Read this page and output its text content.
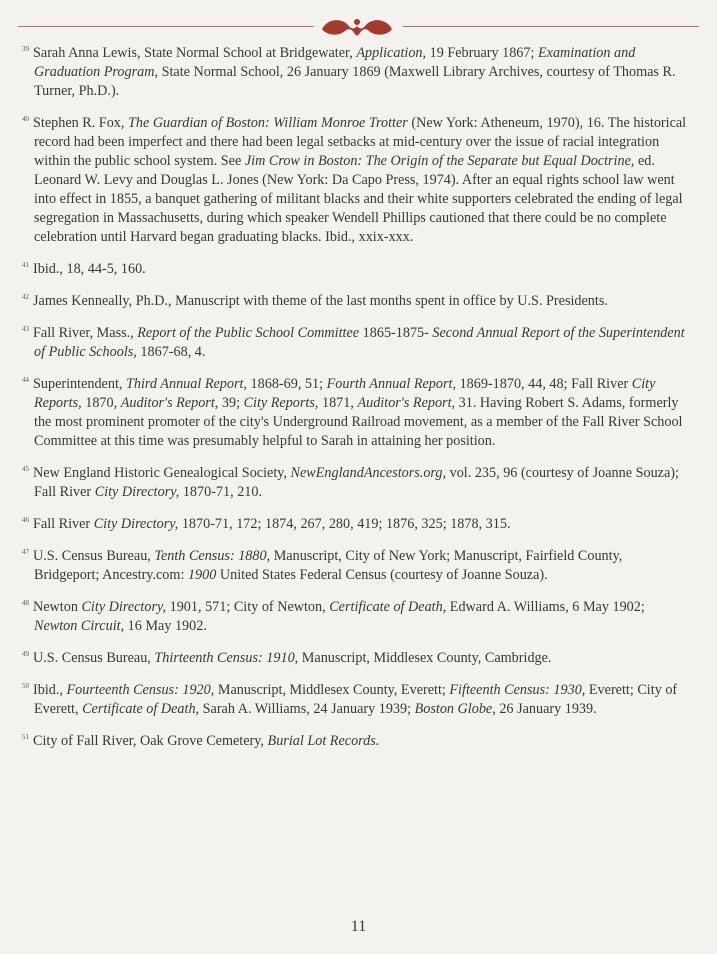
$^{39}$ Sarah Anna Lewis, State Normal School at Bridgewater, Application, 19 February 1867; Examination and Graduation Program, State Normal School, 26 January 1869 (Maxwell Library Archives, courtesy of Thomas R. Turner, Ph.D.).

$^{40}$ Stephen R. Fox, The Guardian of Boston: William Monroe Trotter (New York: Atheneum, 1970), 16. The historical record had been imperfect and there had been legal setbacks at mid-century over the issue of racial integration within the public school system. See Jim Crow in Boston: The Origin of the Separate but Equal Doctrine, ed. Leonard W. Levy and Douglas L. Jones (New York: Da Capo Press, 1974). After an equal rights school law went into effect in 1855, a banquet gathering of militant blacks and their white supporters celebrated the ending of legal segregation in Massachusetts, during which speaker Wendell Phillips cautioned that there could be no complete celebration until Harvard began graduating blacks. Ibid., xxix-xxx.

$^{41}$ Ibid., 18, 44-5, 160.

$^{42}$ James Kenneally, Ph.D., Manuscript with theme of the last months spent in office by U.S. Presidents.

$^{43}$ Fall River, Mass., Report of the Public School Committee 1865-1875- Second Annual Report of the Superintendent of Public Schools, 1867-68, 4.

$^{44}$ Superintendent, Third Annual Report, 1868-69, 51; Fourth Annual Report, 1869-1870, 44, 48; Fall River City Reports, 1870, Auditor's Report, 39; City Reports, 1871, Auditor's Report, 31. Having Robert S. Adams, formerly the most prominent promoter of the city's Underground Railroad movement, as a member of the Fall River School Committee at this time was presumably helpful to Sarah in attaining her position.

$^{45}$ New England Historic Genealogical Society, NewEnglandAncestors.org, vol. 235, 96 (courtesy of Joanne Souza); Fall River City Directory, 1870-71, 210.

$^{46}$ Fall River City Directory, 1870-71, 172; 1874, 267, 280, 419; 1876, 325; 1878, 315.

$^{47}$ U.S. Census Bureau, Tenth Census: 1880, Manuscript, City of New York; Manuscript, Fairfield County, Bridgeport; Ancestry.com: 1900 United States Federal Census (courtesy of Joanne Souza).

$^{48}$ Newton City Directory, 1901, 571; City of Newton, Certificate of Death, Edward A. Williams, 6 May 1902; Newton Circuit, 16 May 1902.

$^{49}$ U.S. Census Bureau, Thirteenth Census: 1910, Manuscript, Middlesex County, Cambridge.

$^{50}$ Ibid., Fourteenth Census: 1920, Manuscript, Middlesex County, Everett; Fifteenth Census: 1930, Everett; City of Everett, Certificate of Death, Sarah A. Williams, 24 January 1939; Boston Globe, 26 January 1939.

$^{51}$ City of Fall River, Oak Grove Cemetery, Burial Lot Records.

11
